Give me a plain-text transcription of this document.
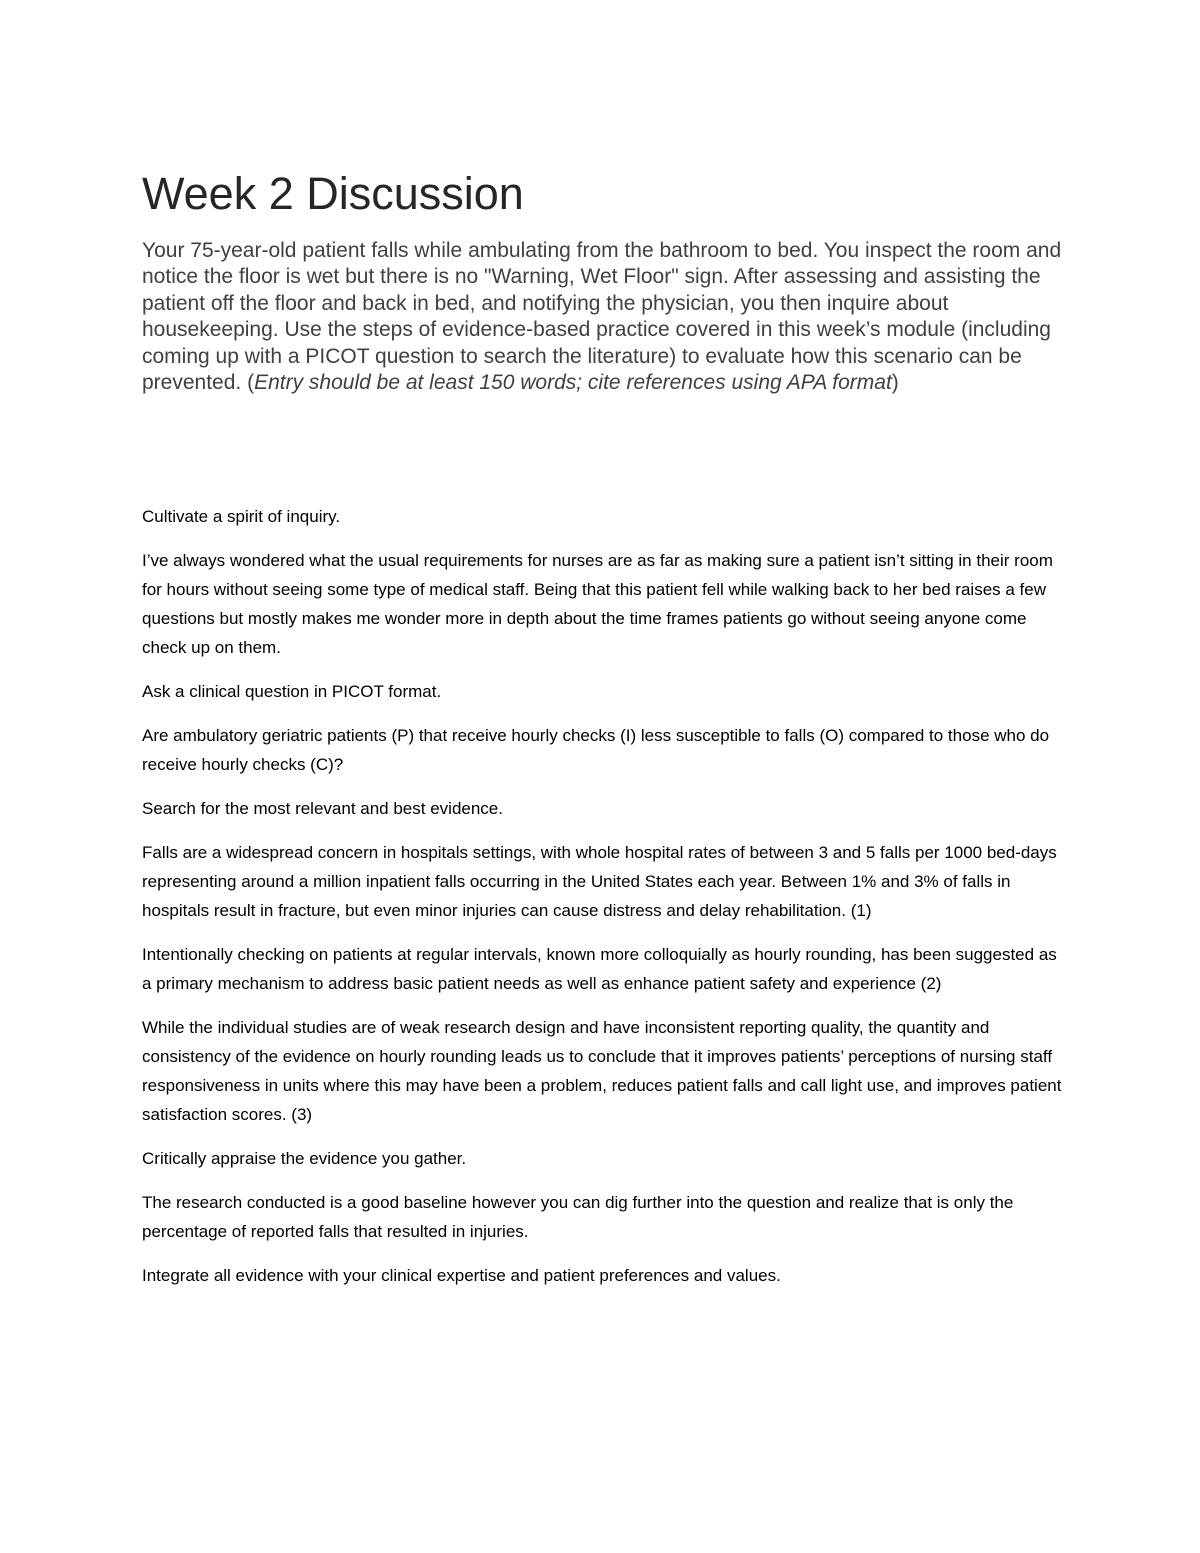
Week 2 Discussion

Your 75-year-old patient falls while ambulating from the bathroom to bed. You inspect the room and notice the floor is wet but there is no "Warning, Wet Floor" sign. After assessing and assisting the patient off the floor and back in bed, and notifying the physician, you then inquire about housekeeping. Use the steps of evidence-based practice covered in this week’s module (including coming up with a PICOT question to search the literature) to evaluate how this scenario can be prevented. (Entry should be at least 150 words; cite references using APA format)

Cultivate a spirit of inquiry.

I’ve always wondered what the usual requirements for nurses are as far as making sure a patient isn’t sitting in their room for hours without seeing some type of medical staff. Being that this patient fell while walking back to her bed raises a few questions but mostly makes me wonder more in depth about the time frames patients go without seeing anyone come check up on them.

Ask a clinical question in PICOT format.

Are ambulatory geriatric patients (P) that receive hourly checks (I) less susceptible to falls (O) compared to those who do receive hourly checks (C)?

Search for the most relevant and best evidence.

Falls are a widespread concern in hospitals settings, with whole hospital rates of between 3 and 5 falls per 1000 bed-days representing around a million inpatient falls occurring in the United States each year. Between 1% and 3% of falls in hospitals result in fracture, but even minor injuries can cause distress and delay rehabilitation. (1)

Intentionally checking on patients at regular intervals, known more colloquially as hourly rounding, has been suggested as a primary mechanism to address basic patient needs as well as enhance patient safety and experience (2)

While the individual studies are of weak research design and have inconsistent reporting quality, the quantity and consistency of the evidence on hourly rounding leads us to conclude that it improves patients’ perceptions of nursing staff responsiveness in units where this may have been a problem, reduces patient falls and call light use, and improves patient satisfaction scores. (3)

Critically appraise the evidence you gather.

The research conducted is a good baseline however you can dig further into the question and realize that is only the percentage of reported falls that resulted in injuries.

Integrate all evidence with your clinical expertise and patient preferences and values.
